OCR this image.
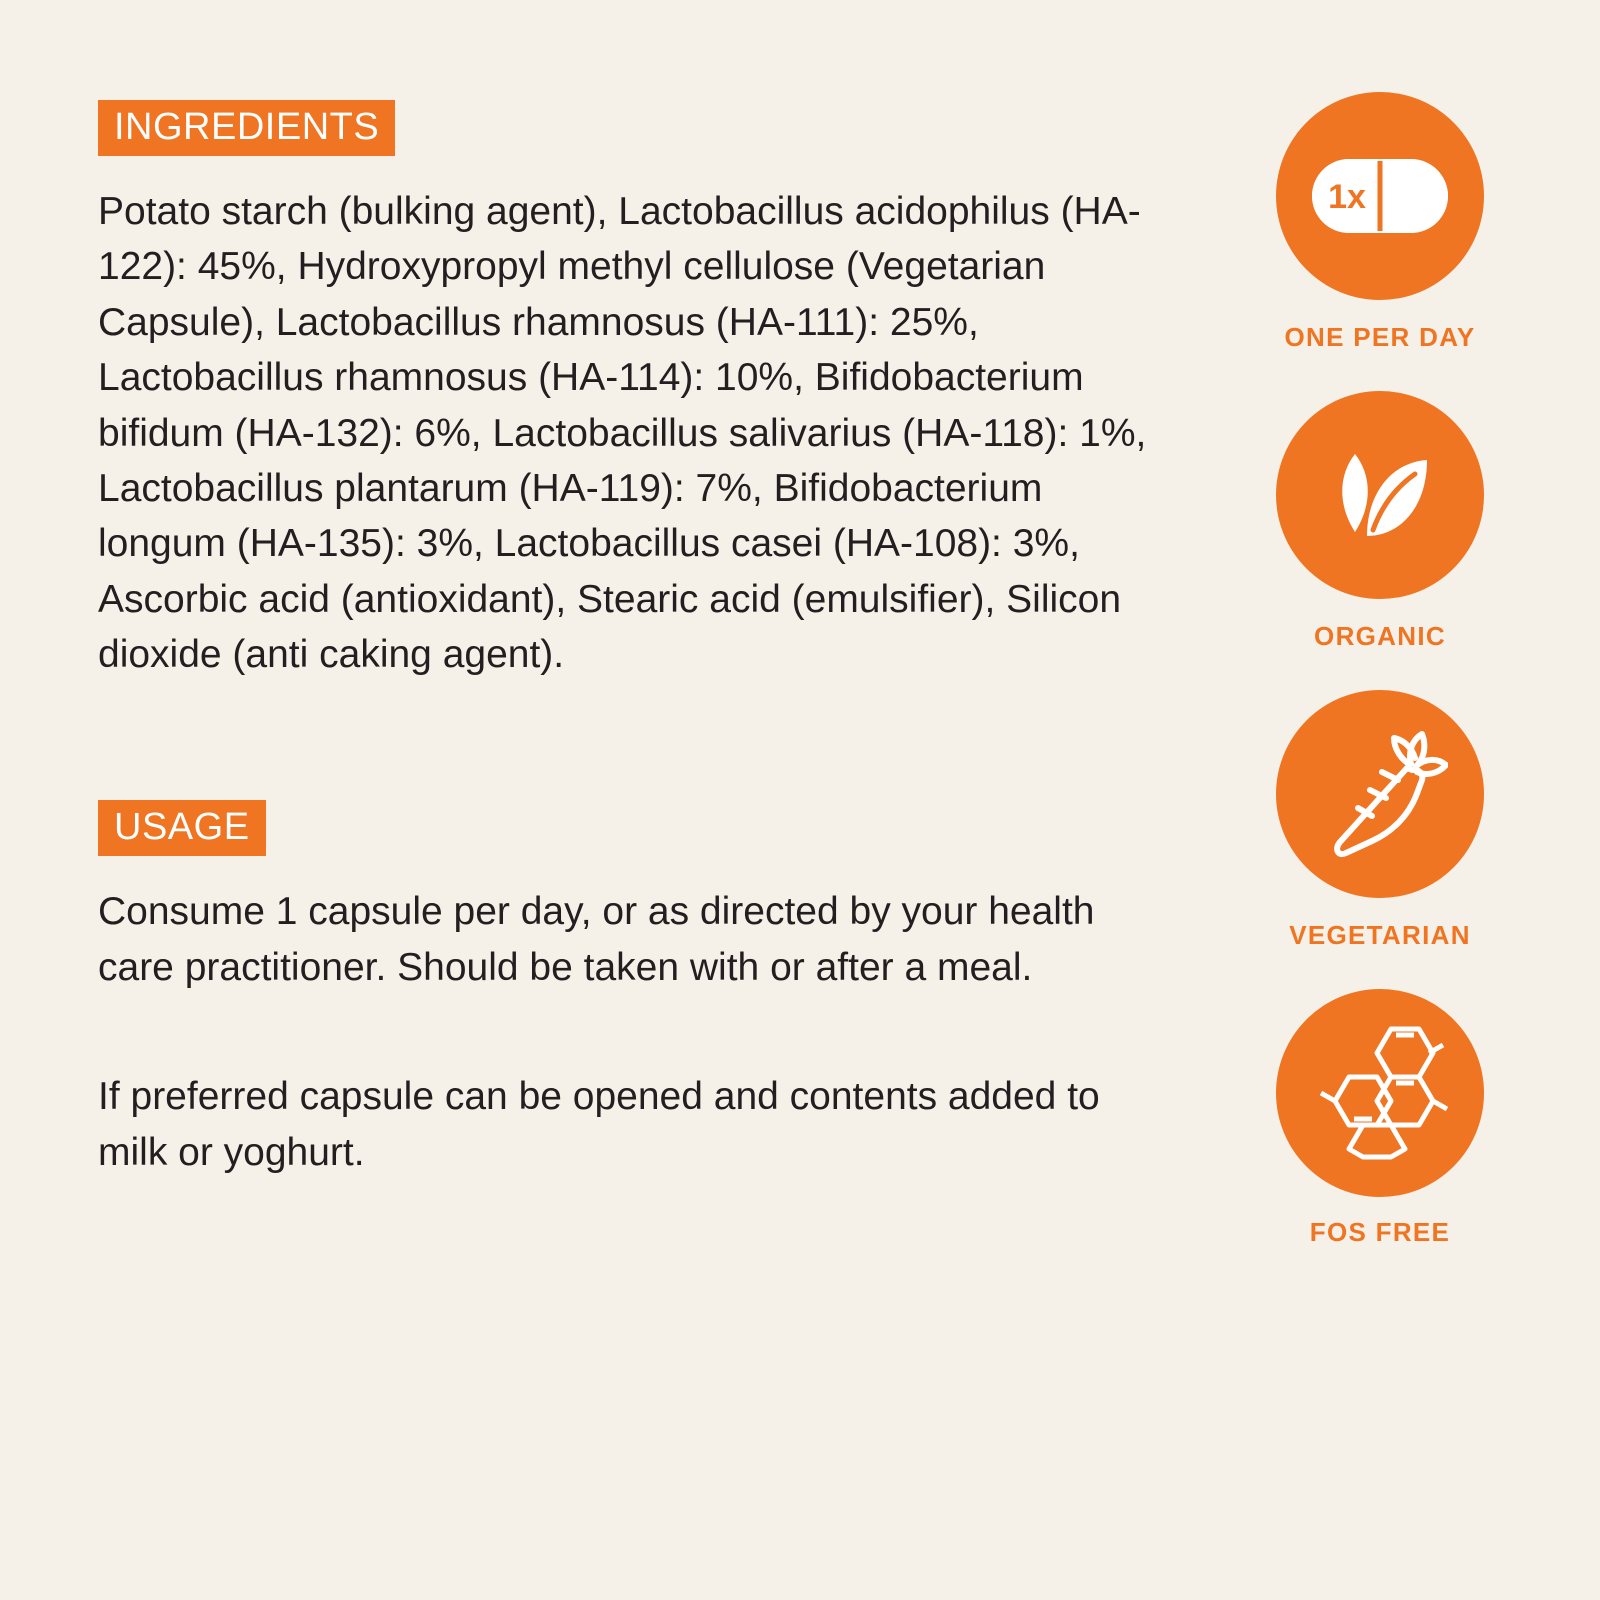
INGREDIENTS

Potato starch (bulking agent), Lactobacillus acidophilus (HA-122): 45%, Hydroxypropyl methyl cellulose (Vegetarian Capsule), Lactobacillus rhamnosus (HA-111): 25%, Lactobacillus rhamnosus (HA-114): 10%, Bifidobacterium bifidum (HA-132): 6%, Lactobacillus salivarius (HA-118): 1%, Lactobacillus plantarum (HA-119): 7%, Bifidobacterium longum (HA-135): 3%, Lactobacillus casei (HA-108): 3%, Ascorbic acid (antioxidant), Stearic acid (emulsifier), Silicon dioxide (anti caking agent).

USAGE

Consume 1 capsule per day, or as directed by your health care practitioner. Should be taken with or after a meal.

If preferred capsule can be opened and contents added to milk or yoghurt.

1x
ONE PER DAY
ORGANIC
VEGETARIAN
FOS FREE
